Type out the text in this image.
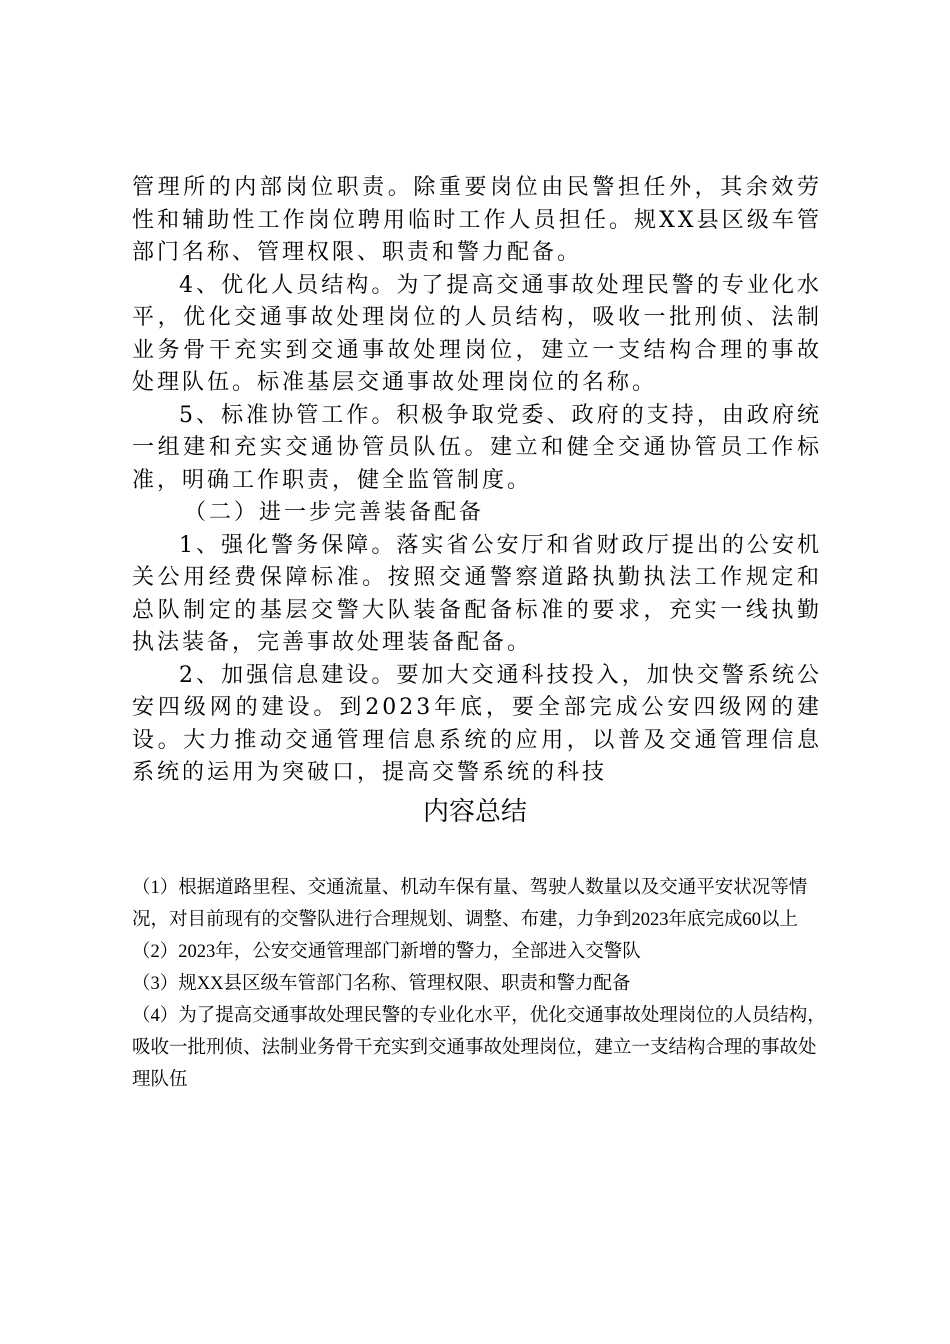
管理所的内部岗位职责。除重要岗位由民警担任外，其余效劳性和辅助性工作岗位聘用临时工作人员担任。规XX县区级车管部门名称、管理权限、职责和警力配备。

4、优化人员结构。为了提高交通事故处理民警的专业化水平，优化交通事故处理岗位的人员结构，吸收一批刑侦、法制业务骨干充实到交通事故处理岗位，建立一支结构合理的事故处理队伍。标准基层交通事故处理岗位的名称。

5、标准协管工作。积极争取党委、政府的支持，由政府统一组建和充实交通协管员队伍。建立和健全交通协管员工作标准，明确工作职责，健全监管制度。

（二）进一步完善装备配备

1、强化警务保障。落实省公安厅和省财政厅提出的公安机关公用经费保障标准。按照交通警察道路执勤执法工作规定和总队制定的基层交警大队装备配备标准的要求，充实一线执勤执法装备，完善事故处理装备配备。

2、加强信息建设。要加大交通科技投入，加快交警系统公安四级网的建设。到2023年底，要全部完成公安四级网的建设。大力推动交通管理信息系统的应用，以普及交通管理信息系统的运用为突破口，提高交警系统的科技

内容总结
（1）根据道路里程、交通流量、机动车保有量、驾驶人数量以及交通平安状况等情况，对目前现有的交警队进行合理规划、调整、布建，力争到2023年底完成60以上
（2）2023年，公安交通管理部门新增的警力，全部进入交警队
（3）规XX县区级车管部门名称、管理权限、职责和警力配备
（4）为了提高交通事故处理民警的专业化水平，优化交通事故处理岗位的人员结构，吸收一批刑侦、法制业务骨干充实到交通事故处理岗位，建立一支结构合理的事故处理队伍
